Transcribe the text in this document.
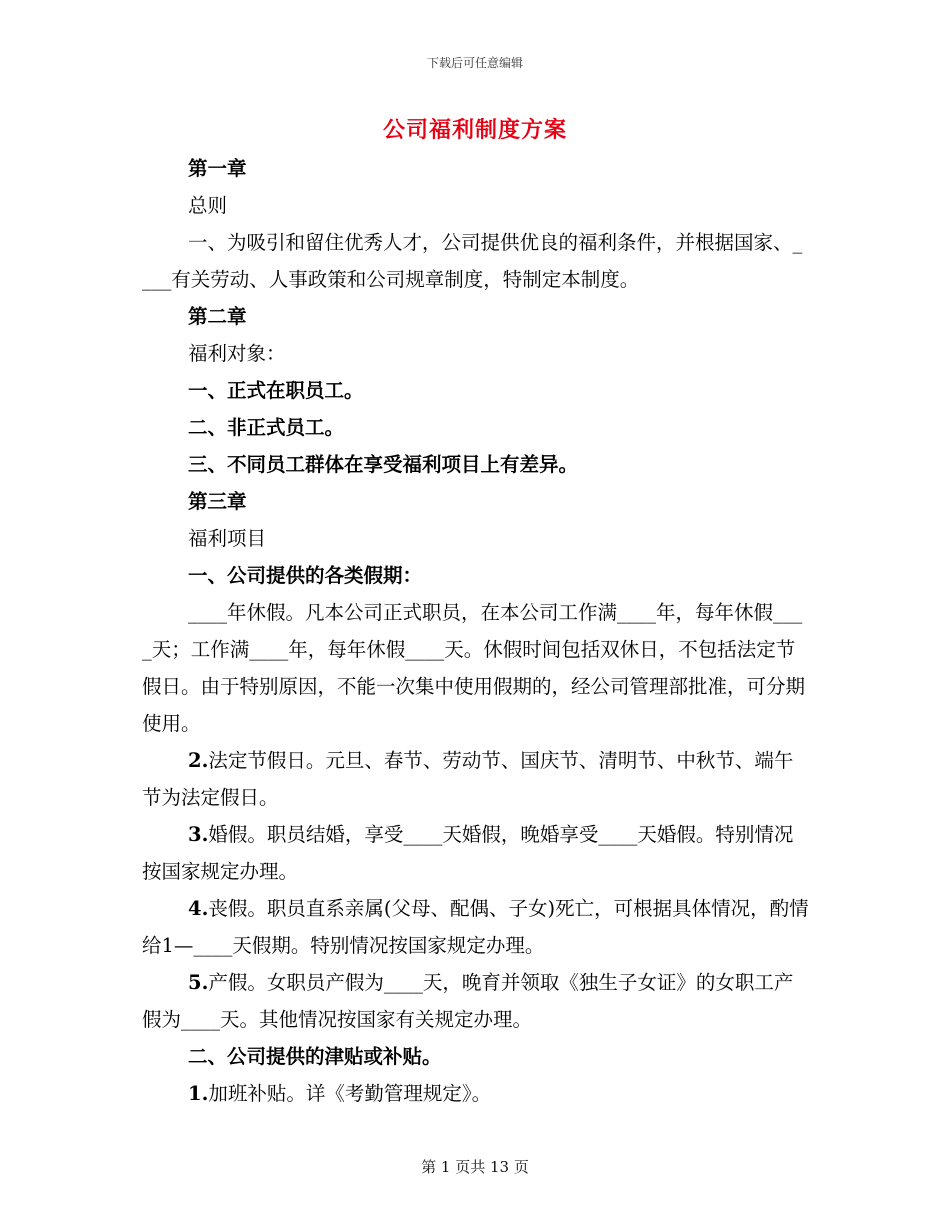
下载后可任意编辑
公司福利制度方案

第一章

总则

一、为吸引和留住优秀人才，公司提供优良的福利条件，并根据国家、____有关劳动、人事政策和公司规章制度，特制定本制度。

第二章

福利对象：

一、正式在职员工。

二、非正式员工。

三、不同员工群体在享受福利项目上有差异。

第三章

福利项目

一、公司提供的各类假期：

____年休假。凡本公司正式职员，在本公司工作满____年，每年休假____天；工作满____年，每年休假____天。休假时间包括双休日，不包括法定节假日。由于特别原因，不能一次集中使用假期的，经公司管理部批准，可分期使用。

2.法定节假日。元旦、春节、劳动节、国庆节、清明节、中秋节、端午节为法定假日。

3.婚假。职员结婚，享受____天婚假，晚婚享受____天婚假。特别情况按国家规定办理。

4.丧假。职员直系亲属(父母、配偶、子女)死亡，可根据具体情况，酌情给1—____天假期。特别情况按国家规定办理。

5.产假。女职员产假为____天，晚育并领取《独生子女证》的女职工产假为____天。其他情况按国家有关规定办理。

二、公司提供的津贴或补贴。

1.加班补贴。详《考勤管理规定》。

第 1 页共 13 页
